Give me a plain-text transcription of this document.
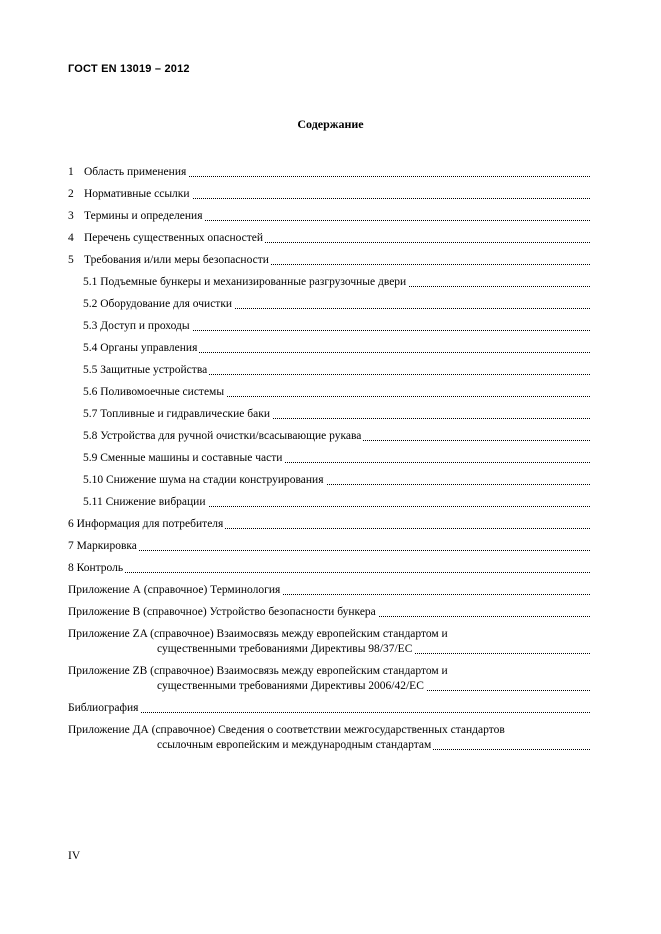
ГОСТ EN 13019 – 2012
Содержание
1 Область применения
2 Нормативные ссылки
3 Термины и определения
4 Перечень существенных опасностей
5 Требования и/или меры безопасности
5.1 Подъемные бункеры и механизированные разгрузочные двери
5.2 Оборудование для очистки
5.3 Доступ и проходы
5.4 Органы управления
5.5 Защитные устройства
5.6 Поливомоечные системы
5.7 Топливные и гидравлические баки
5.8 Устройства для ручной очистки/всасывающие рукава
5.9 Сменные машины и составные части
5.10 Снижение шума на стадии конструирования
5.11 Снижение вибрации
6 Информация для потребителя
7 Маркировка
8 Контроль
Приложение А (справочное) Терминология
Приложение В (справочное) Устройство безопасности бункера
Приложение ZA (справочное) Взаимосвязь между европейским стандартом и
существенными требованиями Директивы 98/37/ЕС
Приложение ZB (справочное) Взаимосвязь между европейским стандартом и
существенными требованиями Директивы 2006/42/ЕС
Библиография
Приложение ДА (справочное) Сведения о соответствии межгосударственных стандартов
ссылочным европейским и международным стандартам
IV
